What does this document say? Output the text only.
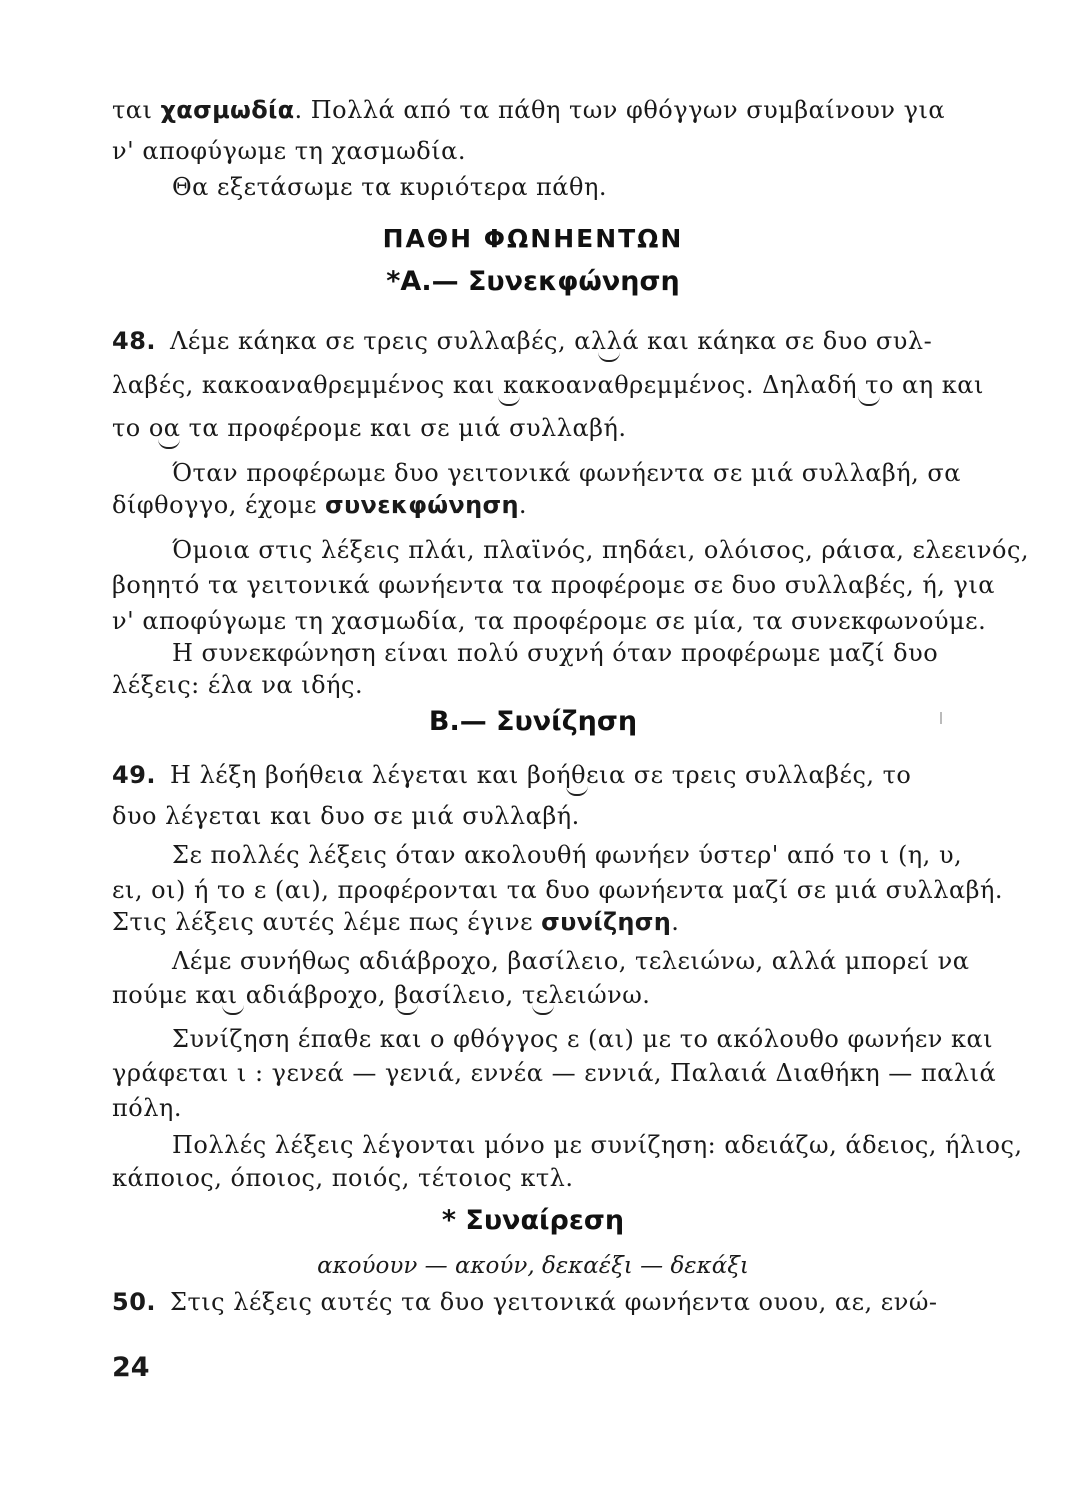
ται χασμωδία. Πολλά από τα πάθη των φθόγγων συμβαίνουν για
ν' αποφύγωμε τη χασμωδία.
Θα εξετάσωμε τα κυριότερα πάθη.
ΠΑΘΗ ΦΩΝΗΕΝΤΩΝ
*Α.— Συνεκφώνηση
48. Λέμε κάηκα σε τρεις συλλαβές, αλλά και κάηκα σε δυο συλ-
λαβές, κακοαναθρεμμένος και κακοαναθρεμμένος. Δηλαδή το αη και
το οα τα προφέρομε και σε μιά συλλαβή.
Όταν προφέρωμε δυο γειτονικά φωνήεντα σε μιά συλλαβή, σα
δίφθογγο, έχομε συνεκφώνηση.
Όμοια στις λέξεις πλάι, πλαϊνός, πηδάει, ολόισος, ράισα, ελεεινός,
βοηητό τα γειτονικά φωνήεντα τα προφέρομε σε δυο συλλαβές, ή, για
ν' αποφύγωμε τη χασμωδία, τα προφέρομε σε μία, τα συνεκφωνούμε.
Η συνεκφώνηση είναι πολύ συχνή όταν προφέρωμε μαζί δυο
λέξεις: έλα να ιδής.
Β.— Συνίζηση
49. Η λέξη βοήθεια λέγεται και βοήθεια σε τρεις συλλαβές, το
δυο λέγεται και δυο σε μιά συλλαβή.
Σε πολλές λέξεις όταν ακολουθή φωνήεν ύστερ' από το ι (η, υ,
ει, οι) ή το ε (αι), προφέρονται τα δυο φωνήεντα μαζί σε μιά συλλαβή.
Στις λέξεις αυτές λέμε πως έγινε συνίζηση.
Λέμε συνήθως αδιάβροχο, βασίλειο, τελειώνω, αλλά μπορεί να
πούμε και αδιάβροχο, βασίλειο, τελειώνω.
Συνίζηση έπαθε και ο φθόγγος ε (αι) με το ακόλουθο φωνήεν και
γράφεται ι : γενεά — γενιά, εννέα — εννιά, Παλαιά Διαθήκη — παλιά
πόλη.
Πολλές λέξεις λέγονται μόνο με συνίζηση: αδειάζω, άδειος, ήλιος,
κάποιος, όποιος, ποιός, τέτοιος κτλ.
* Συναίρεση
ακούουν — ακούν, δεκαέξι — δεκάξι
50. Στις λέξεις αυτές τα δυο γειτονικά φωνήεντα ουου, αε, ενώ-
24
